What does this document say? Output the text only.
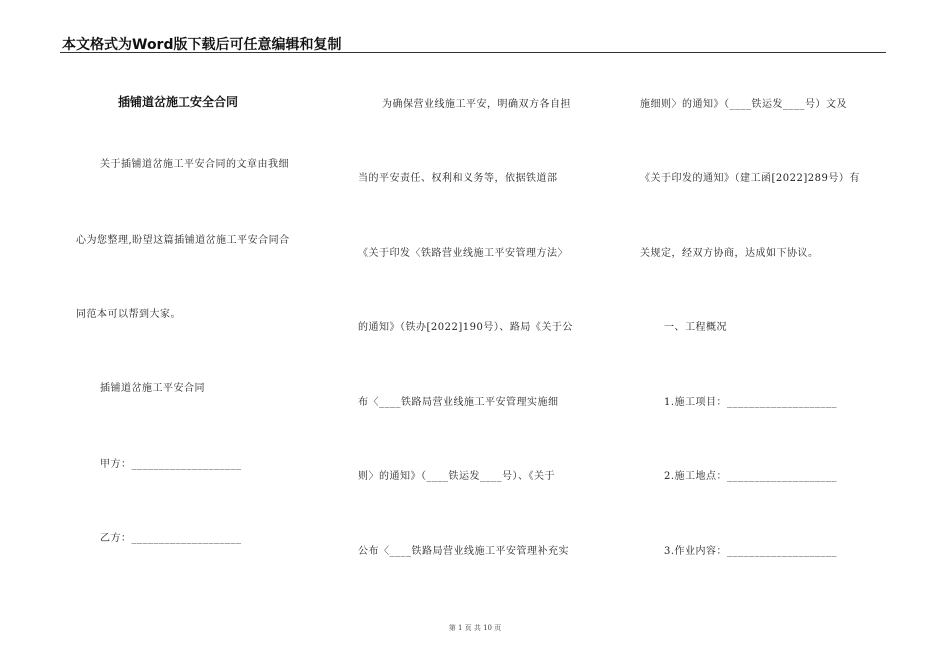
本文格式为Word版下载后可任意编辑和复制
插铺道岔施工安全合同
关于插铺道岔施工平安合同的文章由我细
心为您整理,盼望这篇插铺道岔施工平安合同合
同范本可以帮到大家。
插铺道岔施工平安合同
甲方：____________________
乙方：____________________
为确保营业线施工平安，明确双方各自担
当的平安责任、权利和义务等，依据铁道部
《关于印发〈铁路营业线施工平安管理方法〉
的通知》（铁办[2022]190号）、路局《关于公
布〈____铁路局营业线施工平安管理实施细
则〉的通知》（____铁运发____号）、《关于
公布〈____铁路局营业线施工平安管理补充实
施细则〉的通知》（____铁运发____号）文及
《关于印发的通知》（建工函[2022]289号）有
关规定，经双方协商，达成如下协议。
一、工程概况
1.施工项目：____________________
2.施工地点：____________________
3.作业内容：____________________
第 1 页 共 10 页
